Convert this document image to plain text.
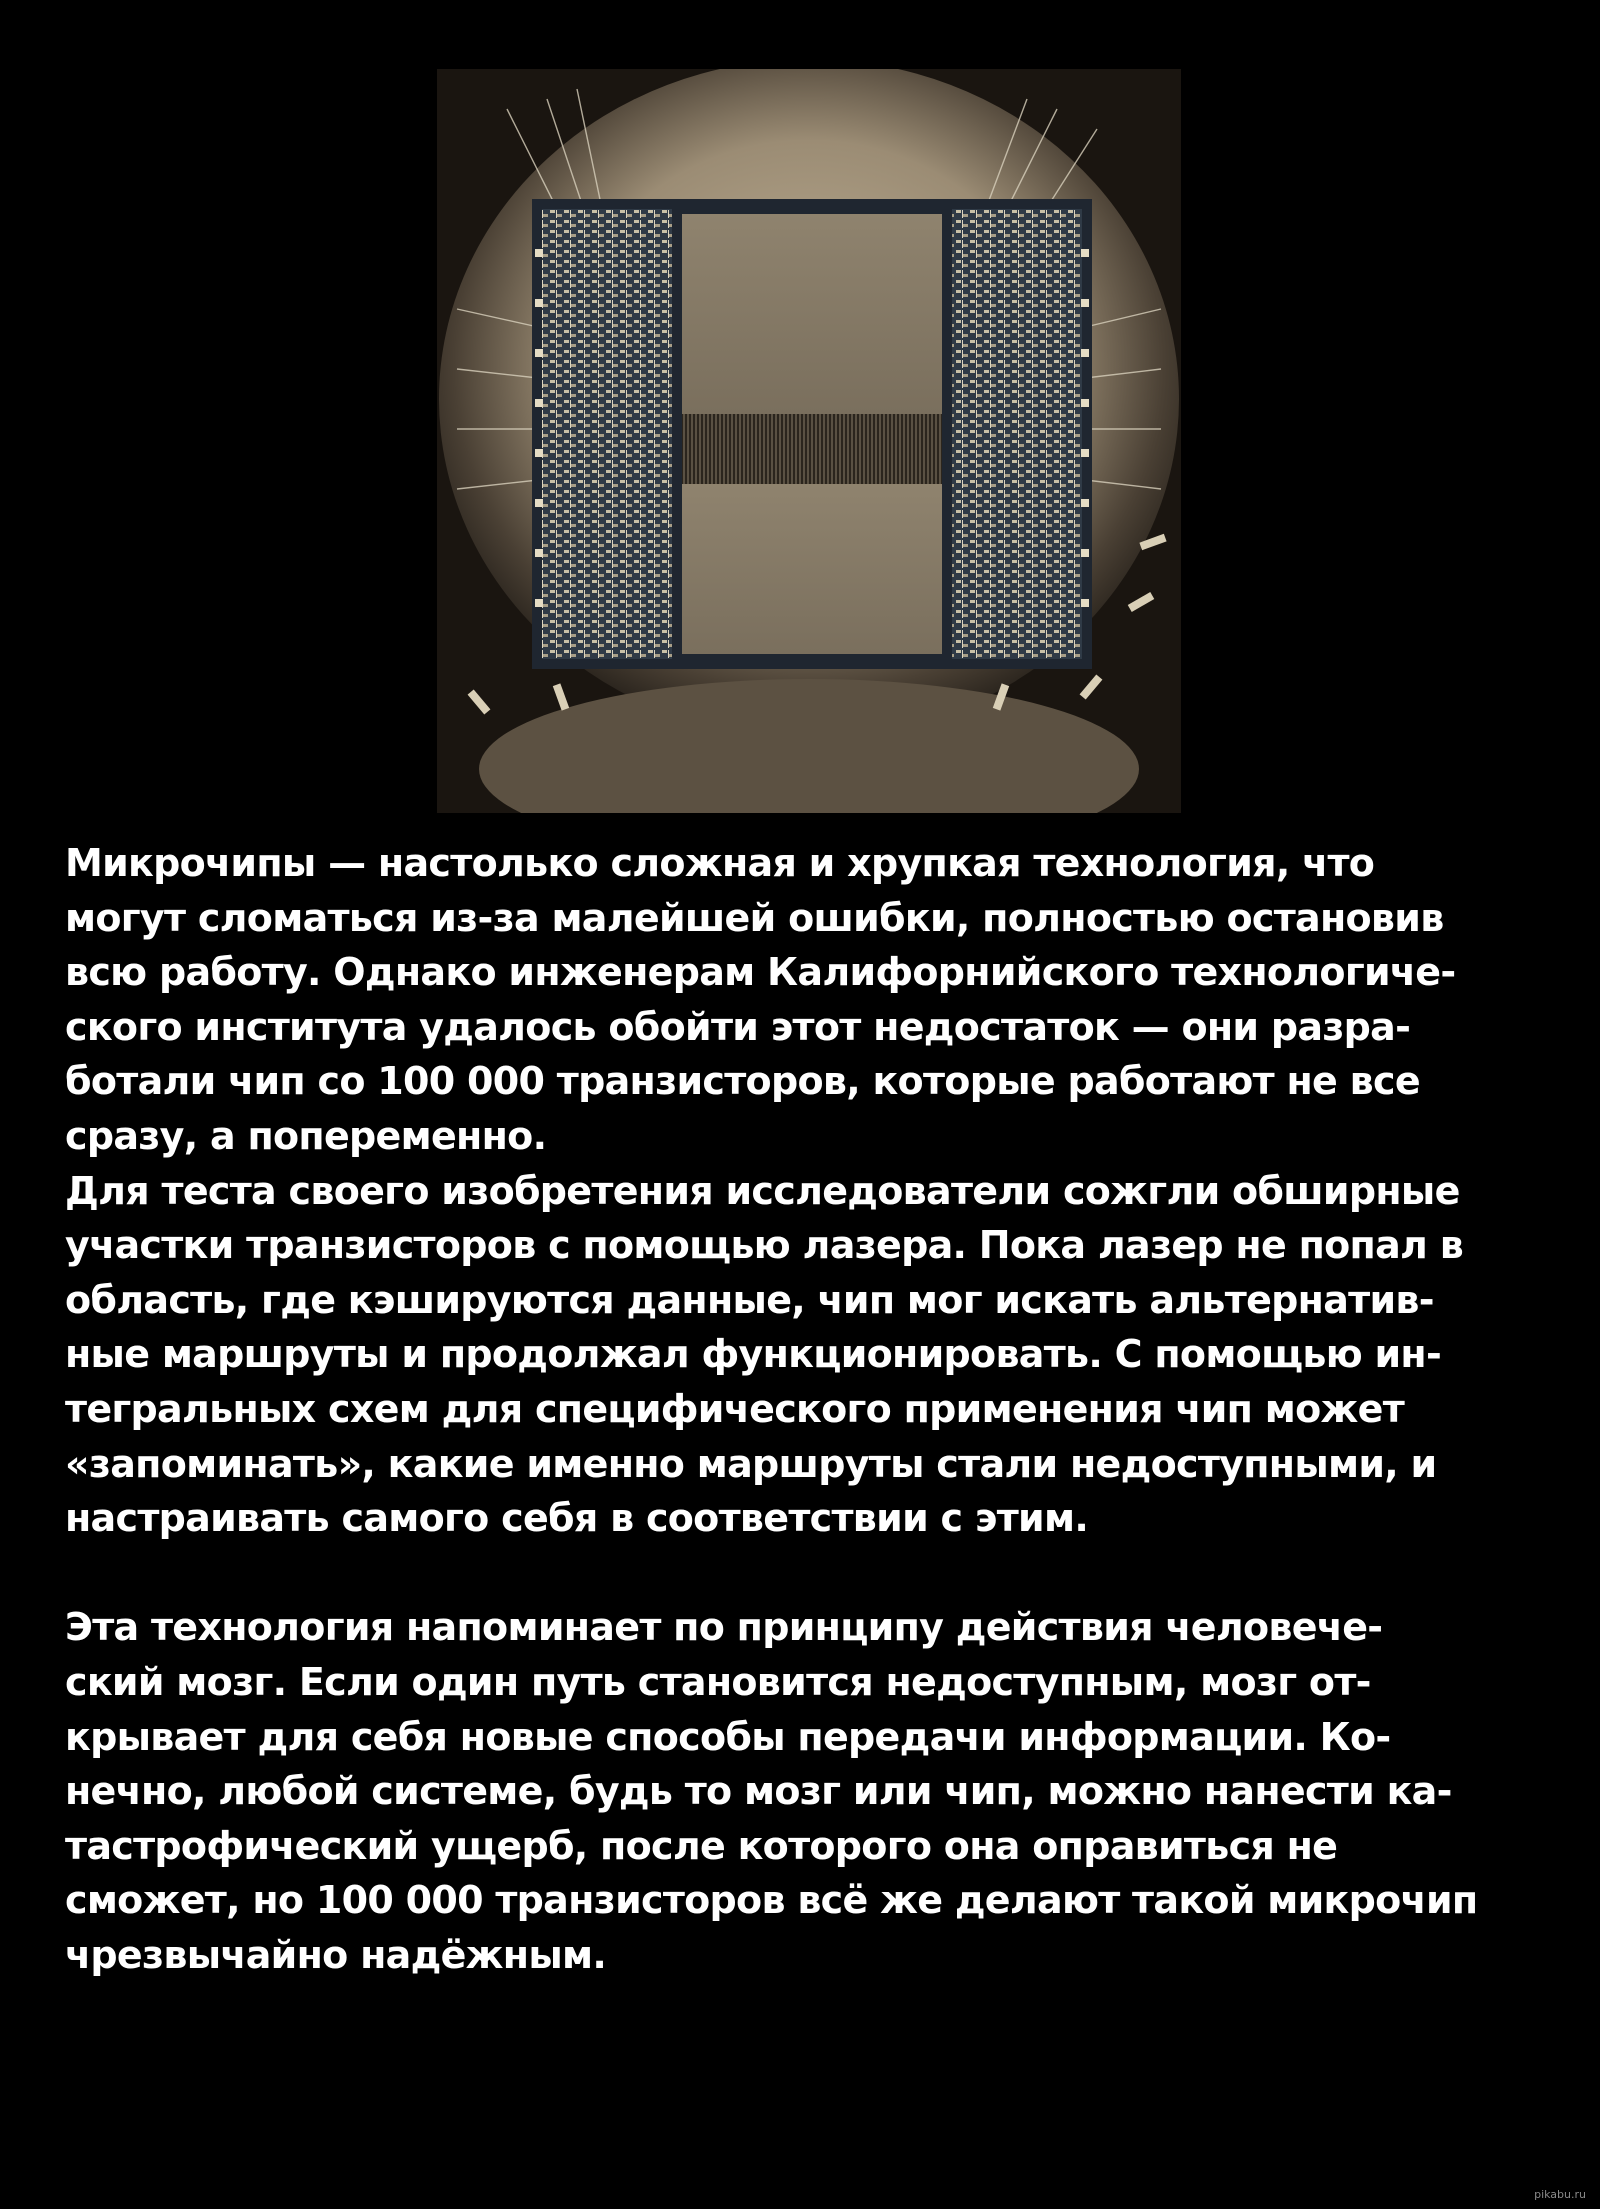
Микрочипы — настолько сложная и хрупкая технология, что
могут сломаться из-за малейшей ошибки, полностью остановив
всю работу. Однако инженерам Калифорнийского технологиче-
ского института удалось обойти этот недостаток — они разра-
ботали чип со 100 000 транзисторов, которые работают не все
сразу, а попеременно.

Для теста своего изобретения исследователи сожгли обширные
участки транзисторов с помощью лазера. Пока лазер не попал в
область, где кэшируются данные, чип мог искать альтернатив-
ные маршруты и продолжал функционировать. С помощью ин-
тегральных схем для специфического применения чип может
«запоминать», какие именно маршруты стали недоступными, и
настраивать самого себя в соответствии с этим.

Эта технология напоминает по принципу действия человече-
ский мозг. Если один путь становится недоступным, мозг от-
крывает для себя новые способы передачи информации. Ко-
нечно, любой системе, будь то мозг или чип, можно нанести ка-
тастрофический ущерб, после которого она оправиться не
сможет, но 100 000 транзисторов всё же делают такой микрочип
чрезвычайно надёжным.

pikabu.ru
